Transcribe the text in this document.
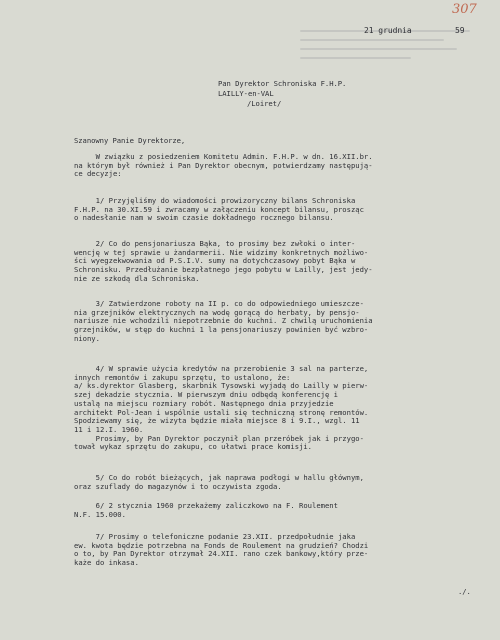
307
21 grudnia	59
Pan Dyrektor Schroniska F.H.P.
LAILLY-en-VAL
/Loiret/
Szanowny Panie Dyrektorze,
W związku z posiedzeniem Komitetu Admin. F.H.P. w dn. 16.XII.br.
na którym był również i Pan Dyrektor obecnym, potwierdzamy następują-
ce decyzje:
1/ Przyjęliśmy do wiadomości prowizoryczny bilans Schroniska
F.H.P. na 30.XI.59 i zwracamy w załączeniu koncept bilansu, prosząc
o nadesłanie nam w swoim czasie dokładnego rocznego bilansu.
2/ Co do pensjonariusza Bąka, to prosimy bez zwłoki o inter-
wencję w tej sprawie u żandarmerii. Nie widzimy konkretnych możliwo-
ści wyegzekwowania od P.S.I.V. sumy na dotychczasowy pobyt Bąka w
Schronisku. Przedłużanie bezpłatnego jego pobytu w Lailly, jest jedy-
nie ze szkodą dla Schroniska.
3/ Zatwierdzone roboty na II p. co do odpowiedniego umieszcze-
nia grzejników elektrycznych na wodę gorącą do herbaty, by pensjo-
nariusze nie wchodzili niepotrzebnie do kuchni. Z chwilą uruchomienia
grzejników, w stęp do kuchni 1 la pensjonariuszy powinien być wzbro-
niony.
4/ W sprawie użycia kredytów na przerobienie 3 sal na parterze,
innych remontów i zakupu sprzętu, to ustalono, że:
a/ ks.dyrektor Glasberg, skarbnik Tysowski wyjadą do Lailly w pierw-
szej dekadzie stycznia. W pierwszym dniu odbędą konferencję i
ustalą na miejscu rozmiary robót. Następnego dnia przyjedzie
architekt Pol-Jean i wspólnie ustali się techniczną stronę remontów.
Spodziewamy się, że wizyta będzie miała miejsce 8 i 9.I., wzgl. 11
11 i 12.I. 1960.
Prosimy, by Pan Dyrektor poczynił plan przeróbek jak i przygo-
tował wykaz sprzętu do zakupu, co ułatwi prace komisji.
5/ Co do robót bieżących, jak naprawa podłogi w hallu głównym,
oraz szuflady do magazynów i to oczywista zgoda.
6/ 2 stycznia 1960 przekażemy zaliczkowo na F. Roulement
N.F. 15.000.
7/ Prosimy o telefoniczne podanie 23.XII. przedpołudnie jaka
ew. kwota będzie potrzebna na Fonds de Roulement na grudzień? Chodzi
o to, by Pan Dyrektor otrzymał 24.XII. rano czek bankowy,który prze-
każe do inkasa.
./.
